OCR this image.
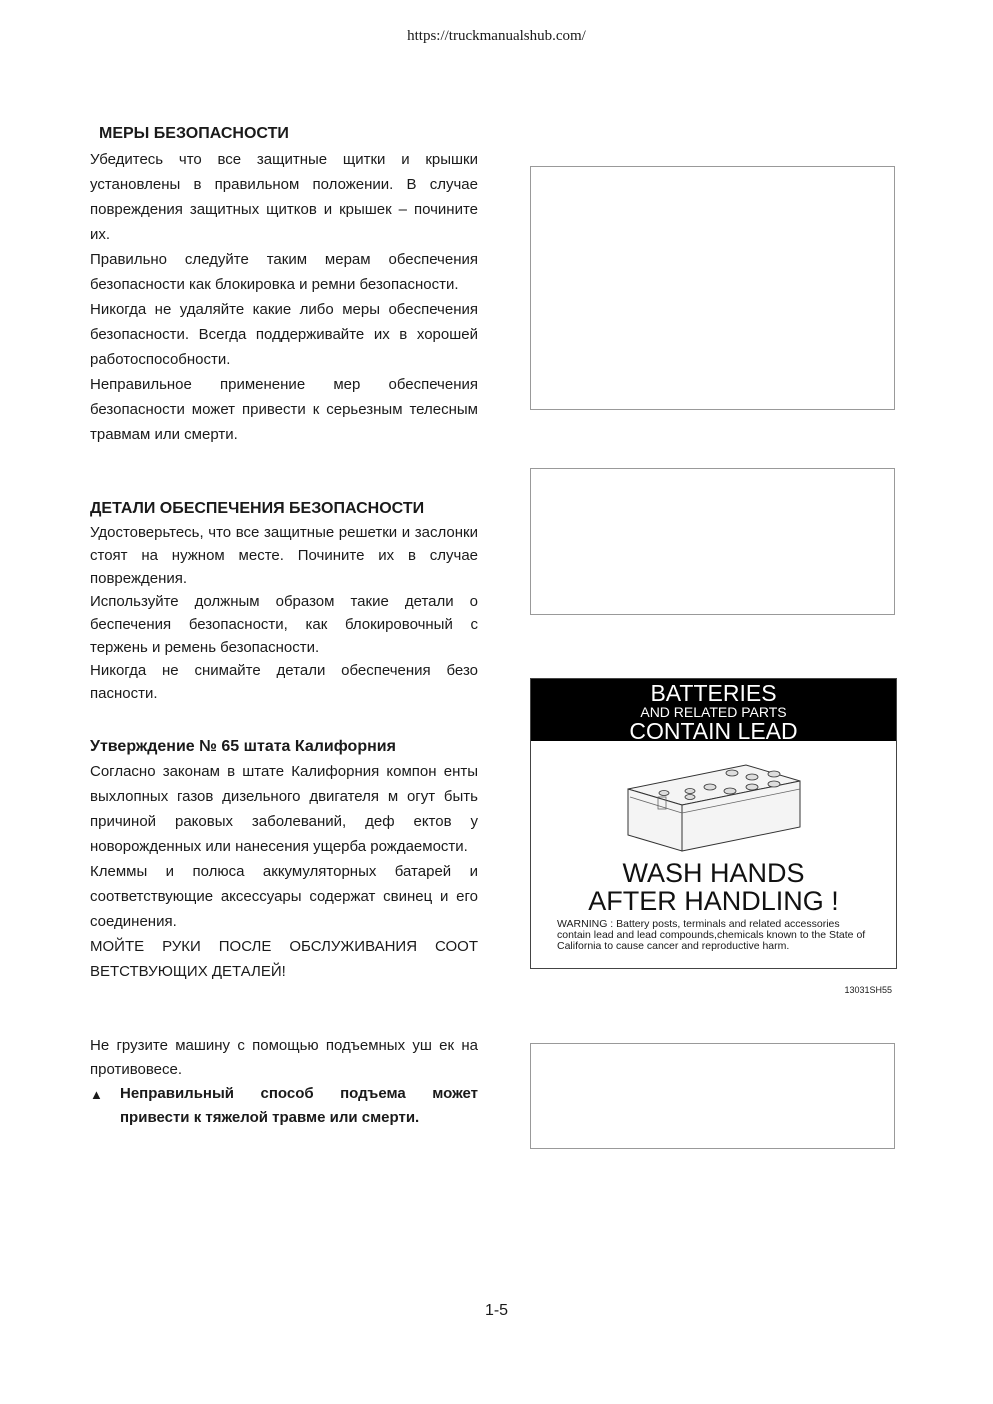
https://truckmanualshub.com/
МЕРЫ БЕЗОПАСНОСТИ

Убедитесь что все защитные щитки и крышки установлены в правильном положении. В случае повреждения защитных щитков и крышек – почините их.

Правильно следуйте таким мерам обеспечения безопасности как блокировка и ремни безопасности.

Никогда не удаляйте какие либо меры обеспечения безопасности. Всегда поддерживайте их в хорошей работоспособности.

Неправильное применение мер обеспечения безопасности может привести к серьезным телесным травмам или смерти.

ДЕТАЛИ ОБЕСПЕЧЕНИЯ БЕЗОПАСНОСТИ

Удостоверьтесь, что все защитные решетки и заслонки стоят на нужном месте. Почините их в случае повреждения.

Используйте должным образом такие детали о беспечения безопасности, как блокировочный с тержень и ремень безопасности.

Никогда не снимайте детали обеспечения безо пасности.

Утверждение № 65 штата Калифорния

Согласно законам в штате Калифорния компон енты выхлопных газов дизельного двигателя м огут быть причиной раковых заболеваний, деф ектов у новорожденных или нанесения ущерба рождаемости.

Клеммы и полюса аккумуляторных батарей и соответствующие аксессуары содержат свинец и его соединения.

МОЙТЕ РУКИ ПОСЛЕ ОБСЛУЖИВАНИЯ СООТ ВЕТСТВУЮЩИХ ДЕТАЛЕЙ!

Не грузите машину с помощью подъемных уш ек на противовесе.

▲	Неправильный способ подъема может привести к тяжелой травме или смерти.
BATTERIES
AND RELATED PARTS
CONTAIN LEAD
WASH HANDS
AFTER HANDLING !
WARNING : Battery posts, terminals and related accessories contain lead and lead compounds,chemicals known to the State of California to cause cancer and reproductive harm.
13031SH55
1-5
